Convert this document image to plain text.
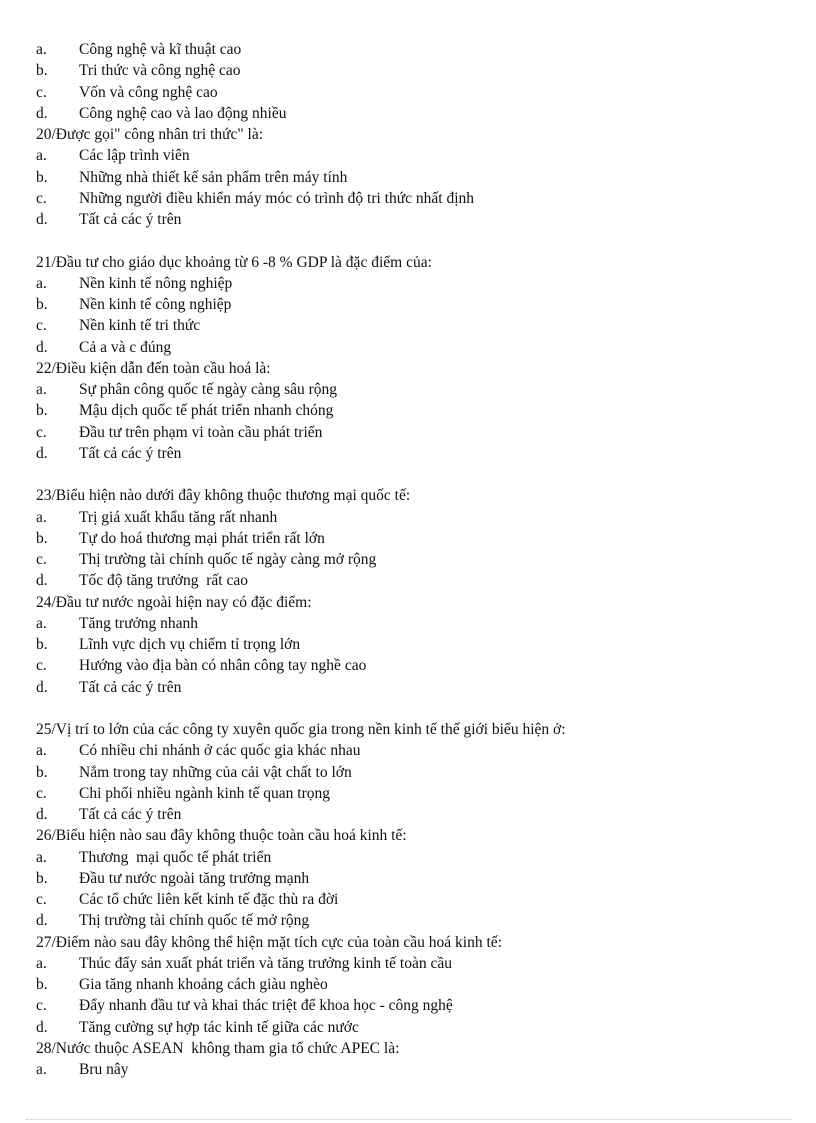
a. Công nghệ và kĩ thuật cao
b. Tri thức và công nghệ cao
c. Vốn và công nghệ cao
d. Công nghệ cao và lao động nhiều
20/Được gọi" công nhân tri thức" là:
a. Các lập trình viên
b. Những nhà thiết kế sản phẩm trên máy tính
c. Những người điều khiển máy móc có trình độ tri thức nhất định
d. Tất cả các ý trên
21/Đầu tư cho giáo dục khoảng từ 6 -8 % GDP là đặc điểm của:
a. Nền kinh tế nông nghiệp
b. Nền kinh tế công nghiệp
c. Nền kinh tế tri thức
d. Cả a và c đúng
22/Điều kiện dẫn đến toàn cầu hoá là:
a. Sự phân công quốc tế ngày càng sâu rộng
b. Mậu dịch quốc tế phát triển nhanh chóng
c. Đầu tư trên phạm vi toàn cầu phát triển
d. Tất cả các ý trên
23/Biểu hiện nào dưới đây không thuộc thương mại quốc tế:
a. Trị giá xuất khẩu tăng rất nhanh
b. Tự do hoá thương mại phát triển rất lớn
c. Thị trường tài chính quốc tế ngày càng mở rộng
d. Tốc độ tăng trưởng  rất cao
24/Đầu tư nước ngoài hiện nay có đặc điểm:
a. Tăng trưởng nhanh
b. Lĩnh vực dịch vụ chiếm tỉ trọng lớn
c. Hướng vào địa bàn có nhân công tay nghề cao
d. Tất cả các ý trên
25/Vị trí to lớn của các công ty xuyên quốc gia trong nền kinh tế thế giới biểu hiện ở:
a. Có nhiều chi nhánh ở các quốc gia khác nhau
b. Nắm trong tay những của cải vật chất to lớn
c. Chi phối nhiều ngành kinh tế quan trọng
d. Tất cả các ý trên
26/Biểu hiện nào sau đây không thuộc toàn cầu hoá kinh tế:
a. Thương  mại quốc tế phát triển
b. Đầu tư nước ngoài tăng trưởng mạnh
c. Các tổ chức liên kết kinh tế đặc thù ra đời
d. Thị trường tài chính quốc tế mở rộng
27/Điểm nào sau đây không thể hiện mặt tích cực của toàn cầu hoá kinh tế:
a. Thúc đẩy sản xuất phát triển và tăng trưởng kinh tế toàn cầu
b. Gia tăng nhanh khoảng cách giàu nghèo
c. Đẩy nhanh đầu tư và khai thác triệt để khoa học - công nghệ
d. Tăng cường sự hợp tác kinh tế giữa các nước
28/Nước thuộc ASEAN  không tham gia tổ chức APEC là:
a. Bru nây
